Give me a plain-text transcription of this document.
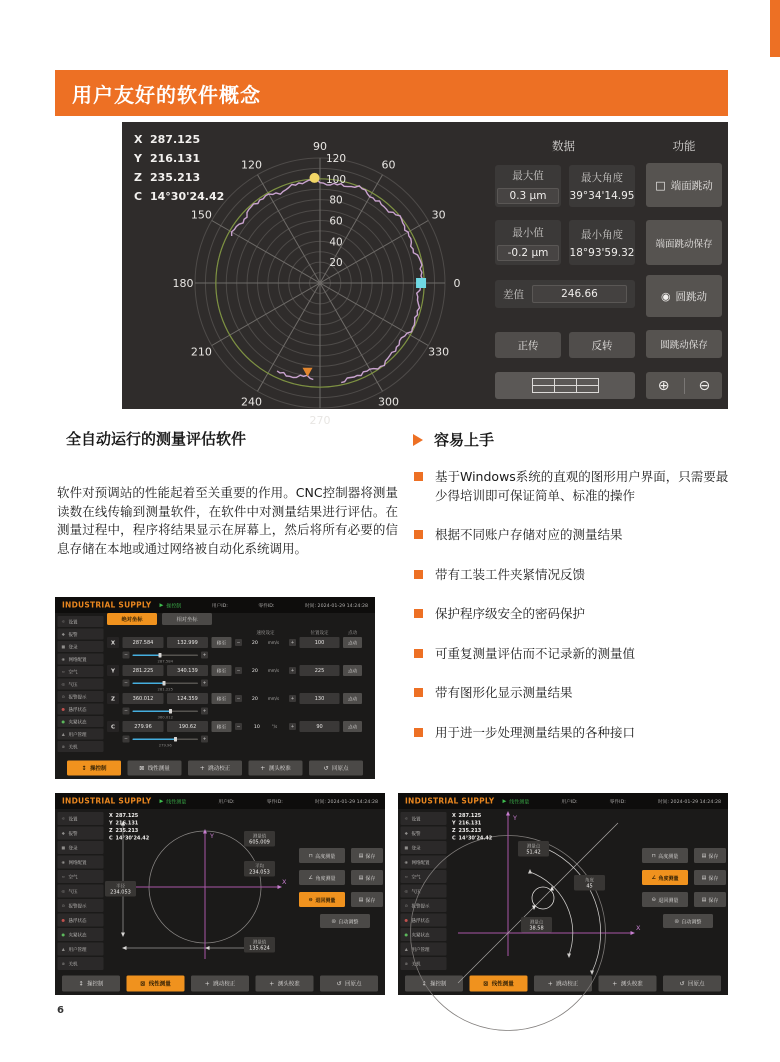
用户友好的软件概念
X 287.125
Y 216.131
Z 235.213
C 14°30'24.42
20
40
60
80
100
120
0
30
60
90
120
150
180
210
240
270
300
330
数据	功能
最大值
0.3 μm
最大角度
39°34'14.95
最小值
-0.2 μm
最小角度
18°93'59.32
差值	246.66
正传	反转
□ 端面跳动
端面跳动保存
◉ 圆跳动
圆跳动保存
⊕ ⊖
全自动运行的测量评估软件
软件对预调站的性能起着至关重要的作用。CNC控制器将测量读数在线传输到测量软件，在软件中对测量结果进行评估。在测量过程中，程序将结果显示在屏幕上，然后将所有必要的信息存储在本地或通过网络被自动化系统调用。
容易上手
基于Windows系统的直观的图形用户界面，只需要最少得培训即可保证简单、标准的操作
根据不同账户存储对应的测量结果
带有工装工件夹紧情况反馈
保护程序级安全的密码保护
可重复测量评估而不记录新的测量值
带有图形化显示测量结果
用于进一步处理测量结果的各种接口
INDUSTRIAL SUPPLY ▶ 操控制	用户ID:	零件ID:	时间: 2024-01-29 14:24:28
☼ 设置
◆ 报警
■ 登录
◉ 网络配置
≈ 空气
◎ 气压
⊙ 报警提示
● 悬浮状态
● 夹紧状态
▲ 用户管理
⊗ 关机
绝对坐标	相对坐标
速度设定	位置设定	点动
X	287.584	132.999	移至	− 20 mm/s +	100	点动
−	+
287.584
Y	281.225	340.139	移至	− 20 mm/s +	225	点动
−	+
281.225
Z	360.012	124.359	移至	− 20 mm/s +	130	点动
−	+
360.012
C	279.96	190.62	移至	− 10 °/s +	90	点动
−	+
279.96
↕ 操控制	⊠ 线性测量 + 跳动校正 + 测头校准	↺ 回原点
INDUSTRIAL SUPPLY ▶ 线性测量	用户ID:	零件ID:	时间: 2024-01-29 14:24:28
☼ 设置
◆ 报警
■ 登录
◉ 网络配置
≈ 空气
◎ 气压
⊙ 报警提示
● 悬浮状态
● 夹紧状态
▲ 用户管理
⊗ 关机
X 287.125
Y 216.131
Z 235.213
C 14°30'24.42	Y
X
测量值
605.009
平均
234.053
半径
234.053
测量值
135.624
⊓ 高度测量 ▤ 保存
∠ 角度测量 ▤ 保存
⊖ 退回测量 ▤ 保存
◎ 自动调整
↕ 操控制	⊠ 线性测量	+ 跳动校正	+ 测头校准	↺ 回原点
INDUSTRIAL SUPPLY ▶ 线性测量	用户ID:	零件ID:	时间: 2024-01-29 14:24:28
☼ 设置
◆ 报警
■ 登录
◉ 网络配置
≈ 空气
◎ 气压
⊙ 报警提示
● 悬浮状态
● 夹紧状态
▲ 用户管理
⊗ 关机
X 287.125
Y 216.131
Z 235.213
C 14°30'24.42
Y
X
测量点
51.42
测量点
38.58
角度
45
⊓ 高度测量 ▤ 保存
∠ 角度测量 ▤ 保存
⊖ 退回测量 ▤ 保存
◎ 自动调整
↕ 操控制	⊠ 线性测量	+ 跳动校正	+ 测头校准	↺ 回原点
6
